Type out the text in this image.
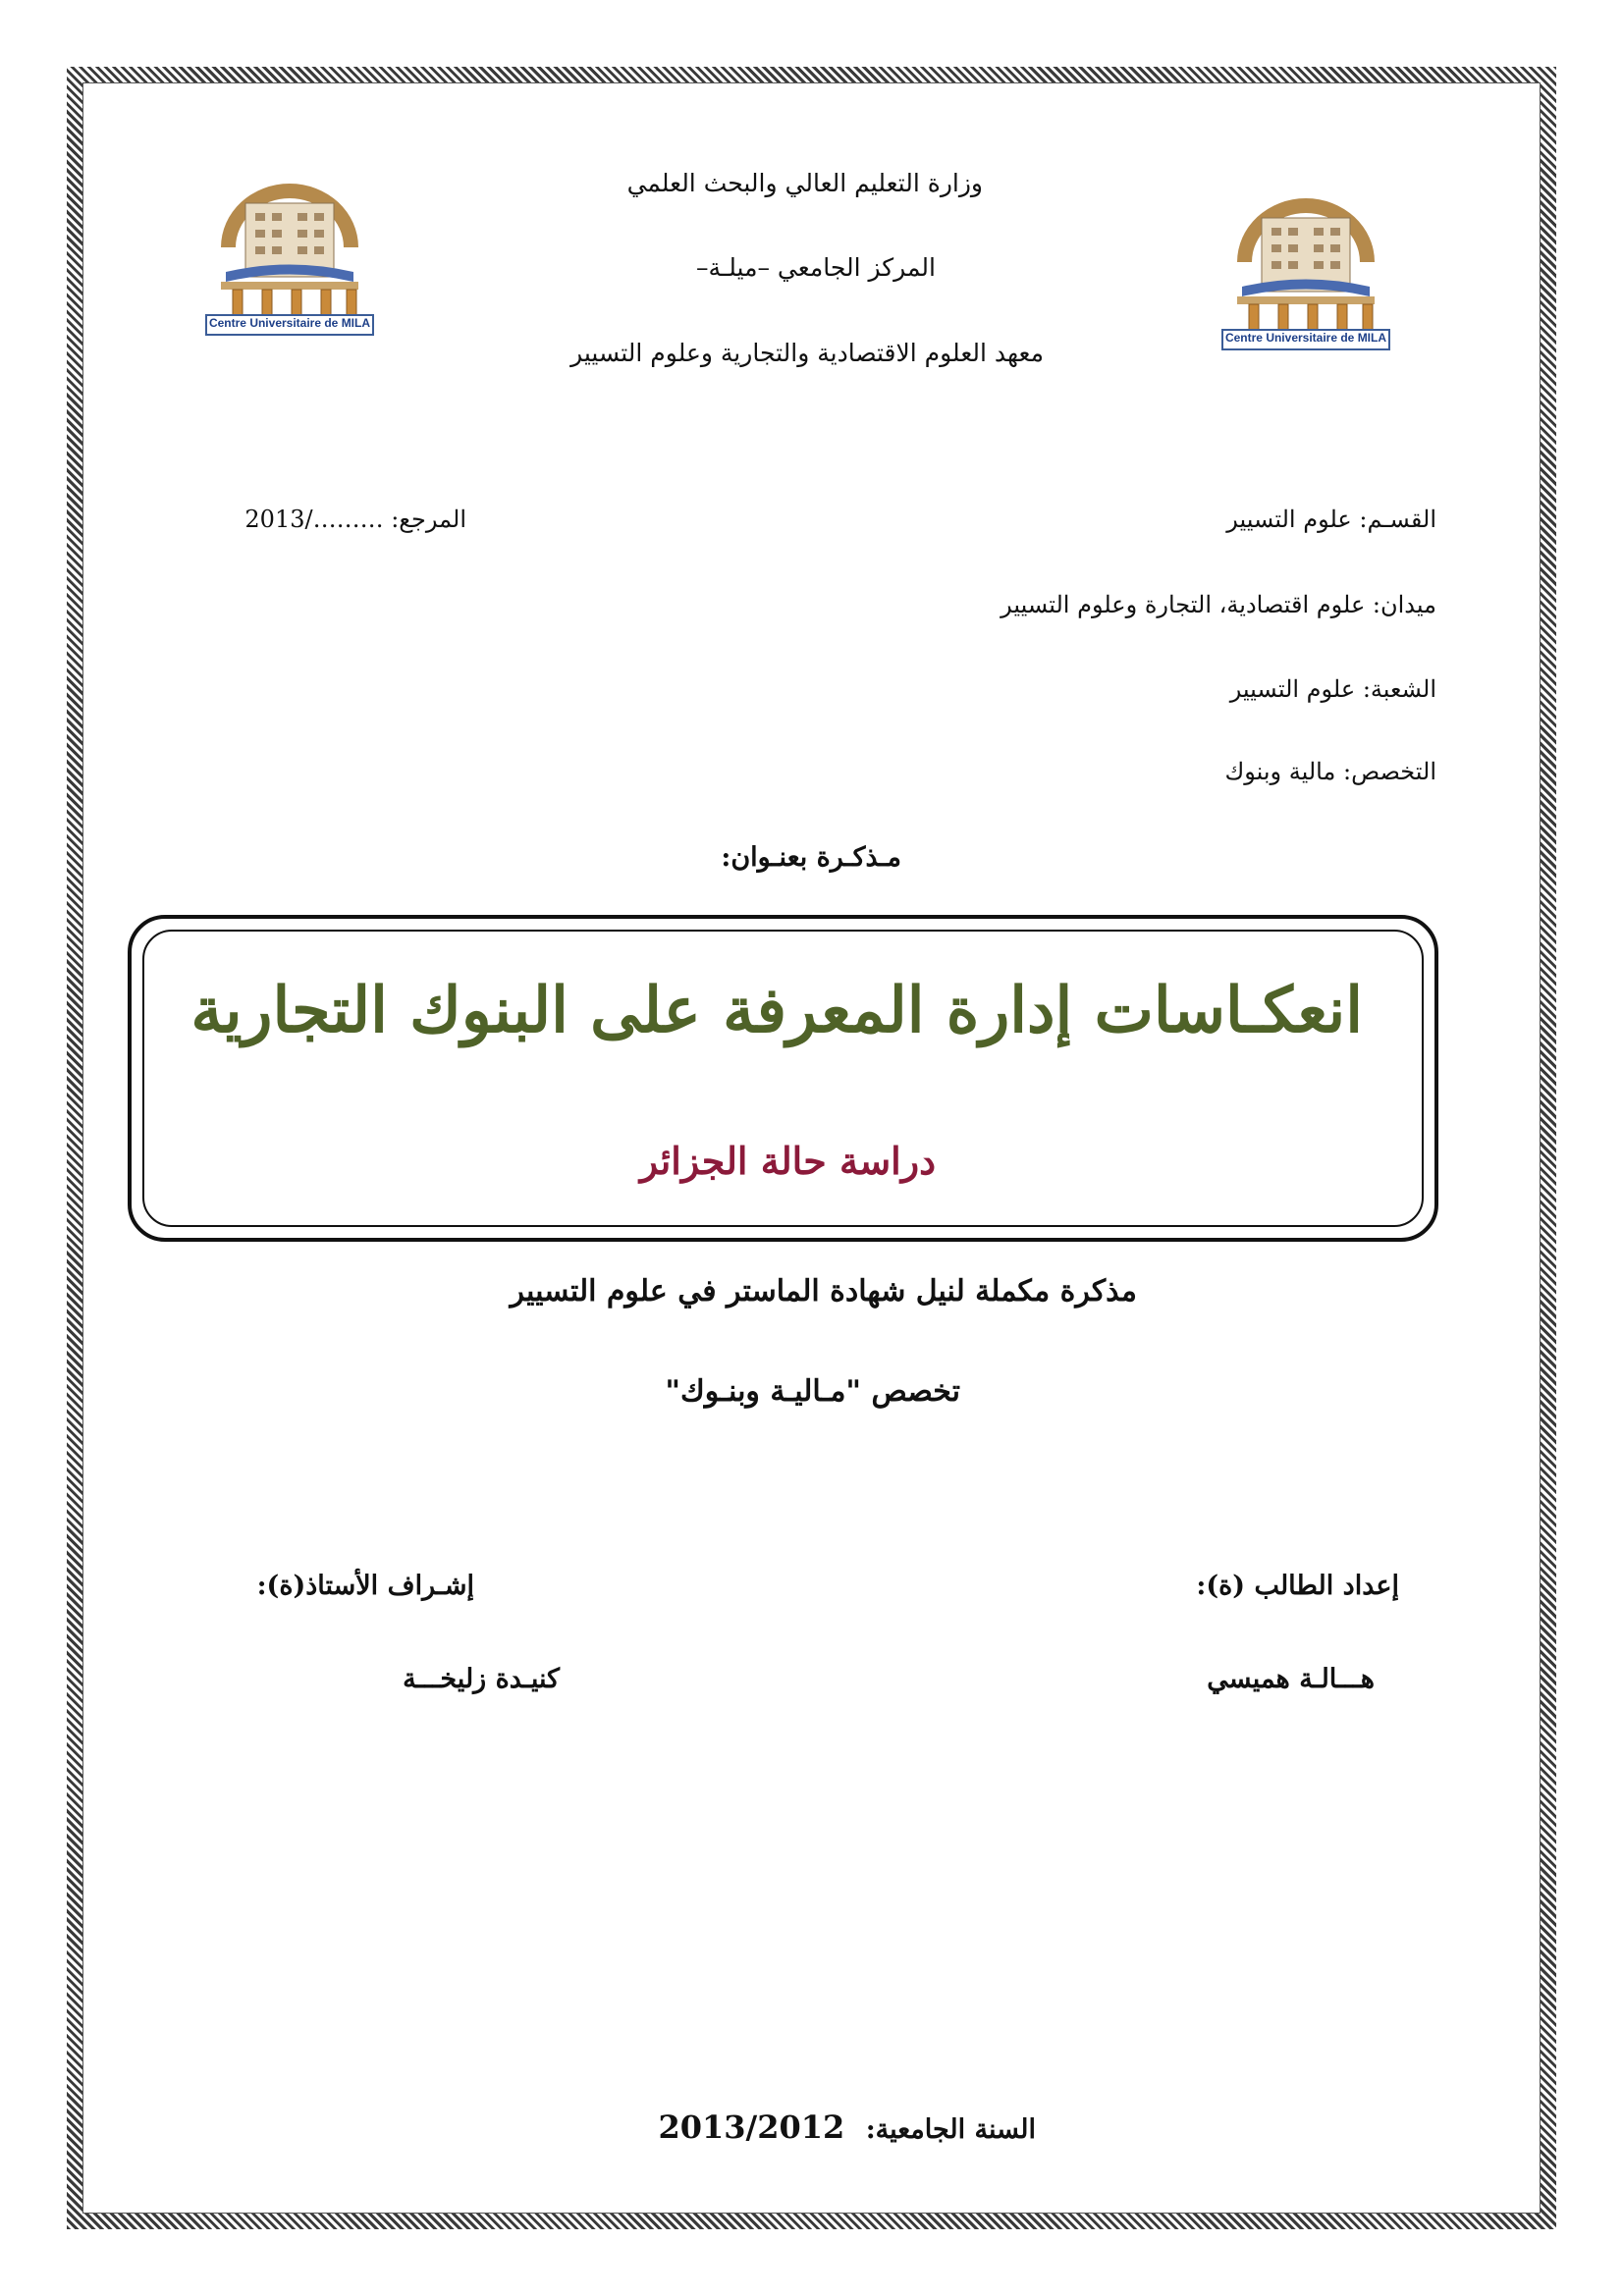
Centre Universitaire de MILA
Centre Universitaire de MILA
وزارة التعليم العالي والبحث العلمي
المركز الجامعي –ميلـة–
معهد العلوم الاقتصادية والتجارية وعلوم التسيير
القسـم: علوم التسيير
المرجع: ………/2013
ميدان: علوم اقتصادية، التجارة وعلوم التسيير
الشعبة: علوم التسيير
التخصص: مالية وبنوك
مـذكـرة بعنـوان:
انعكـاسات إدارة المعرفة على البنوك التجارية
دراسة حالة الجزائر
مذكرة مكملة لنيل شهادة الماستر في علوم التسيير
تخصص "مـاليـة وبنـوك"
إعداد الطالب (ة):
إشـراف الأستاذ(ة):
هـــالـة هميسي
كنيـدة زليخـــة
السنة الجامعية: 2013/2012
